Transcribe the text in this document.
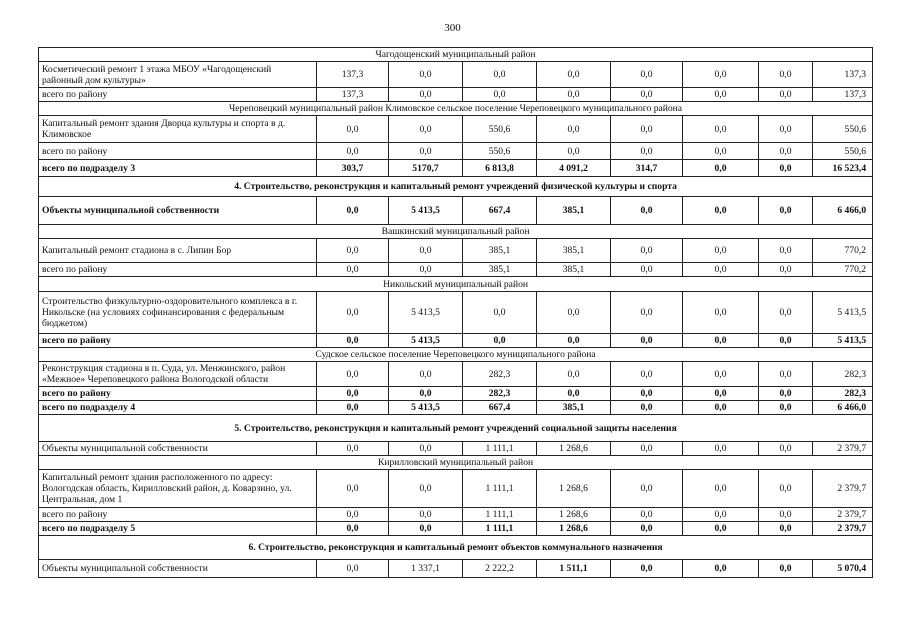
300
Чагодощенский муниципальный район								
Косметический ремонт 1 этажа МБОУ «Чагодощенский районный дом культуры»	137,3	0,0	0,0	0,0	0,0	0,0	0,0	137,3
всего по району	137,3	0,0	0,0	0,0	0,0	0,0	0,0	137,3
Череповецкий муниципальный район Климовское сельское поселение Череповецкого муниципального района								
Капитальный ремонт здания Дворца культуры и спорта в д. Климовское	0,0	0,0	550,6	0,0	0,0	0,0	0,0	550,6
всего по району	0,0	0,0	550,6	0,0	0,0	0,0	0,0	550,6
всего по подразделу 3	303,7	5170,7	6 813,8	4 091,2	314,7	0,0	0,0	16 523,4
4. Строительство, реконструкция и капитальный ремонт учреждений физической культуры и спорта								
Объекты муниципальной собственности	0,0	5 413,5	667,4	385,1	0,0	0,0	0,0	6 466,0
Вашкинский муниципальный район								
Капитальный ремонт стадиона в с. Липин Бор	0,0	0,0	385,1	385,1	0,0	0,0	0,0	770,2
всего по району	0,0	0,0	385,1	385,1	0,0	0,0	0,0	770,2
Никольский муниципальный район								
Строительство физкультурно-оздоровительного комплекса в г. Никольске (на условиях софинансирования с федеральным бюджетом)	0,0	5 413,5	0,0	0,0	0,0	0,0	0,0	5 413,5
всего по району	0,0	5 413,5	0,0	0,0	0,0	0,0	0,0	5 413,5
Судское сельское поселение Череповецкого муниципального района								
Реконструкция стадиона в п. Суда, ул. Менжинского, район «Межное» Череповецкого района Вологодской области	0,0	0,0	282,3	0,0	0,0	0,0	0,0	282,3
всего по району	0,0	0,0	282,3	0,0	0,0	0,0	0,0	282,3
всего по подразделу 4	0,0	5 413,5	667,4	385,1	0,0	0,0	0,0	6 466,0
5. Строительство, реконструкция и капитальный ремонт учреждений социальной защиты населения								
Объекты муниципальной собственности	0,0	0,0	1 111,1	1 268,6	0,0	0,0	0,0	2 379,7
Кирилловский муниципальный район								
Капитальный ремонт здания расположенного по адресу: Вологодская область, Кирилловский район, д. Коварзино, ул. Центральная, дом 1	0,0	0,0	1 111,1	1 268,6	0,0	0,0	0,0	2 379,7
всего по району	0,0	0,0	1 111,1	1 268,6	0,0	0,0	0,0	2 379,7
всего по подразделу 5	0,0	0,0	1 111,1	1 268,6	0,0	0,0	0,0	2 379,7
6. Строительство, реконструкция и капитальный ремонт объектов коммунального назначения								
Объекты муниципальной собственности	0,0	1 337,1	2 222,2	1 511,1	0,0	0,0	0,0	5 070,4
